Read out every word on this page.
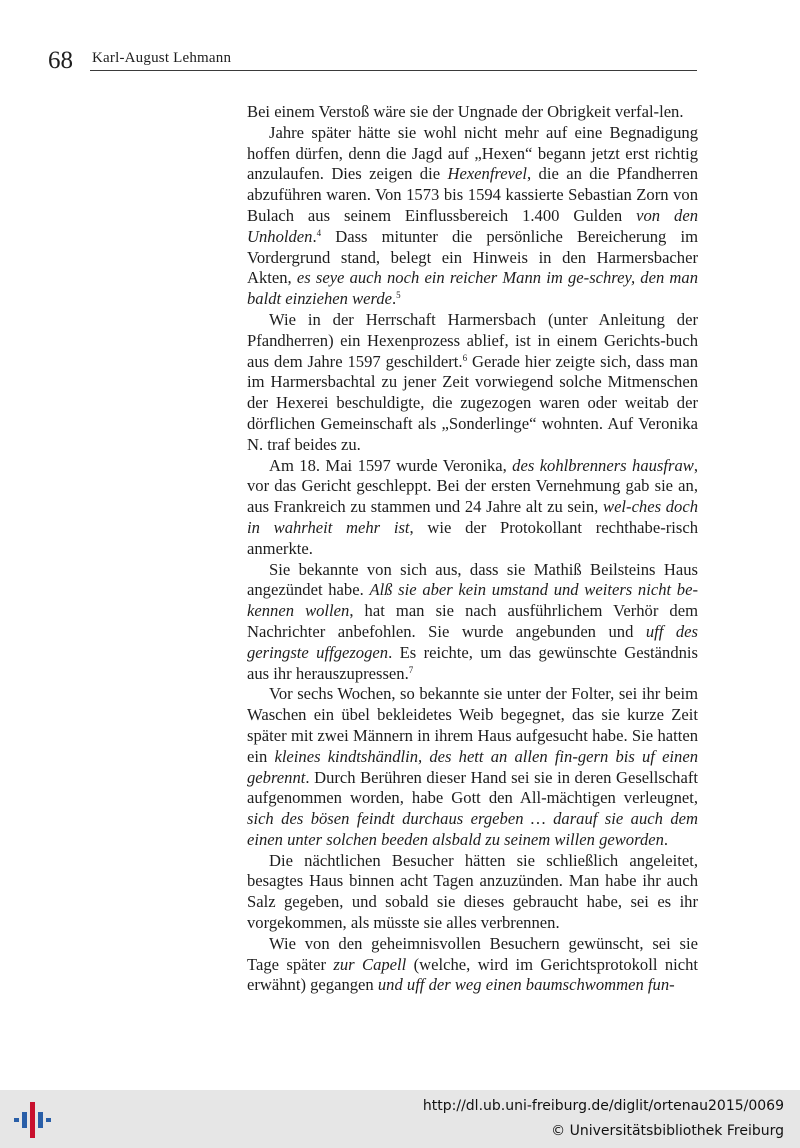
68 Karl-August Lehmann

Bei einem Verstoß wäre sie der Ungnade der Obrigkeit verfal-len.

Jahre später hätte sie wohl nicht mehr auf eine Begnadigung hoffen dürfen, denn die Jagd auf „Hexen“ begann jetzt erst richtig anzulaufen. Dies zeigen die Hexenfrevel, die an die Pfandherren abzuführen waren. Von 1573 bis 1594 kassierte Sebastian Zorn von Bulach aus seinem Einflussbereich 1.400 Gulden von den Unholden.$^4$ Dass mitunter die persönliche Bereicherung im Vordergrund stand, belegt ein Hinweis in den Harmersbacher Akten, es seye auch noch ein reicher Mann im ge-schrey, den man baldt einziehen werde.$^5$

Wie in der Herrschaft Harmersbach (unter Anleitung der Pfandherren) ein Hexenprozess ablief, ist in einem Gerichts-buch aus dem Jahre 1597 geschildert.$^6$ Gerade hier zeigte sich, dass man im Harmersbachtal zu jener Zeit vorwiegend solche Mitmenschen der Hexerei beschuldigte, die zugezogen waren oder weitab der dörflichen Gemeinschaft als „Sonderlinge“ wohnten. Auf Veronika N. traf beides zu.

Am 18. Mai 1597 wurde Veronika, des kohlbrenners hausfraw, vor das Gericht geschleppt. Bei der ersten Vernehmung gab sie an, aus Frankreich zu stammen und 24 Jahre alt zu sein, wel-ches doch in wahrheit mehr ist, wie der Protokollant rechthabe-risch anmerkte.

Sie bekannte von sich aus, dass sie Mathiß Beilsteins Haus angezündet habe. Alß sie aber kein umstand und weiters nicht be-kennen wollen, hat man sie nach ausführlichem Verhör dem Nachrichter anbefohlen. Sie wurde angebunden und uff des geringste uffgezogen. Es reichte, um das gewünschte Geständnis aus ihr herauszupressen.$^7$

Vor sechs Wochen, so bekannte sie unter der Folter, sei ihr beim Waschen ein übel bekleidetes Weib begegnet, das sie kurze Zeit später mit zwei Männern in ihrem Haus aufgesucht habe. Sie hatten ein kleines kindtshändlin, des hett an allen fin-gern bis uf einen gebrennt. Durch Berühren dieser Hand sei sie in deren Gesellschaft aufgenommen worden, habe Gott den All-mächtigen verleugnet, sich des bösen feindt durchaus ergeben … darauf sie auch dem einen unter solchen beeden alsbald zu seinem willen geworden.

Die nächtlichen Besucher hätten sie schließlich angeleitet, besagtes Haus binnen acht Tagen anzuzünden. Man habe ihr auch Salz gegeben, und sobald sie dieses gebraucht habe, sei es ihr vorgekommen, als müsste sie alles verbrennen.

Wie von den geheimnisvollen Besuchern gewünscht, sei sie Tage später zur Capell (welche, wird im Gerichtsprotokoll nicht erwähnt) gegangen und uff der weg einen baumschwommen fun-

http://dl.ub.uni-freiburg.de/diglit/ortenau2015/0069
© Universitätsbibliothek Freiburg
